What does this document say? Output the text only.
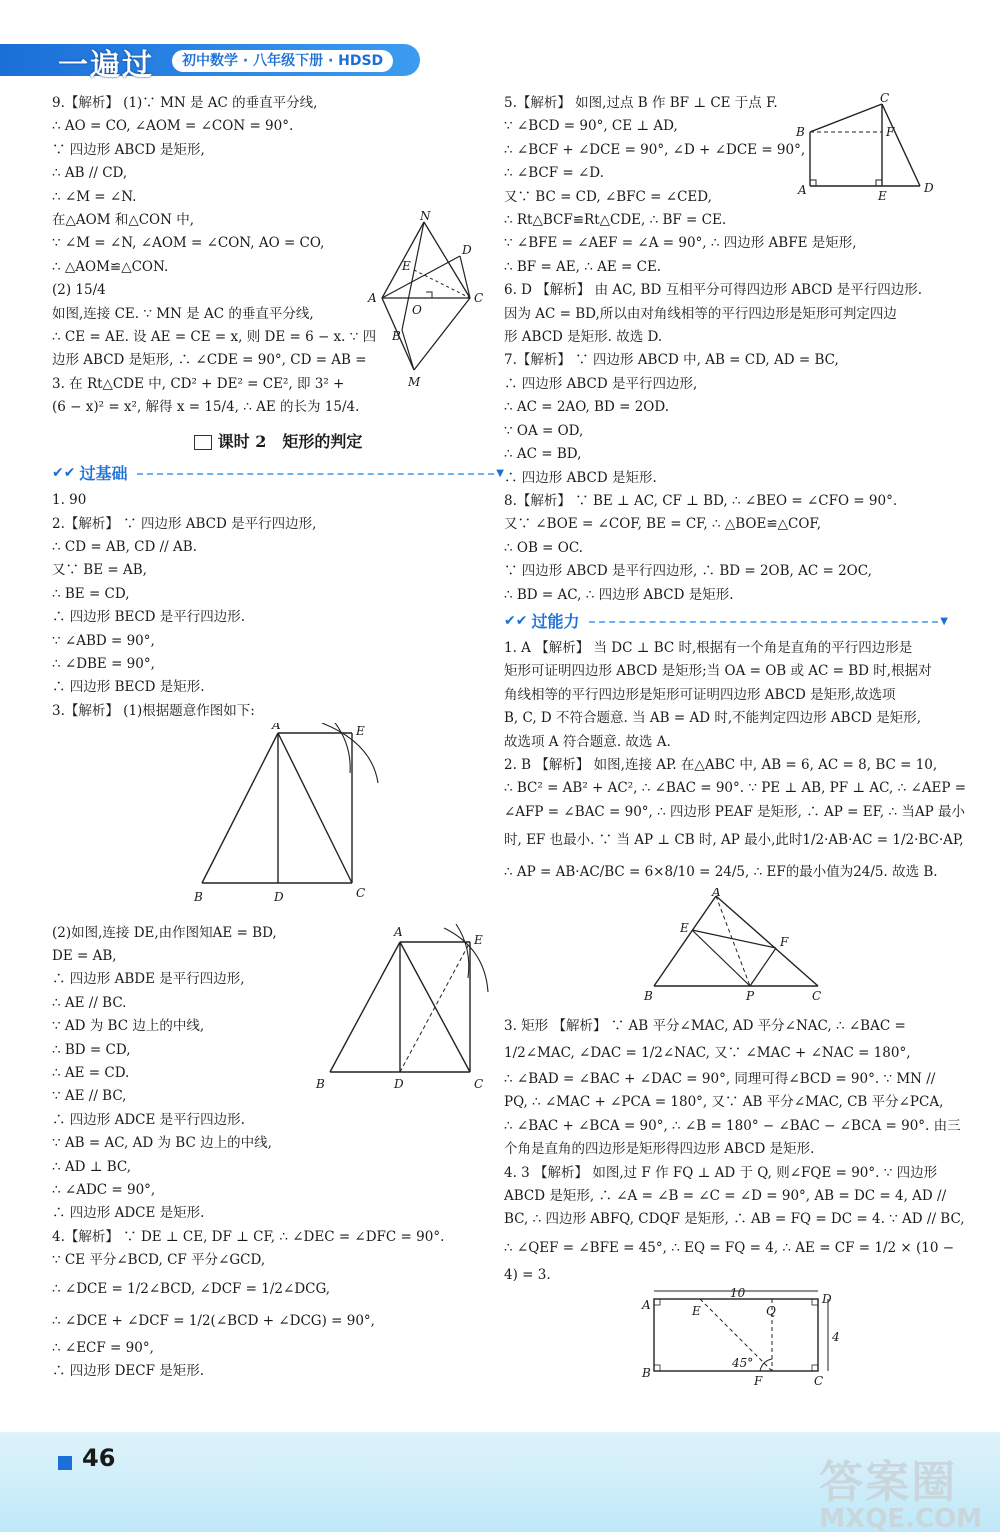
一遍过	初中数学 · 八年级下册 · HDSD
9.【解析】 (1)∵ MN 是 AC 的垂直平分线,
∴ AO = CO, ∠AOM = ∠CON = 90°.
∵ 四边形 ABCD 是矩形,
∴ AB // CD,
∴ ∠M = ∠N.
在△AOM 和△CON 中,
∵ ∠M = ∠N, ∠AOM = ∠CON, AO = CO,
∴ △AOM≌△CON.
(2) 15/4
如图,连接 CE. ∵ MN 是 AC 的垂直平分线,
∴ CE = AE. 设 AE = CE = x, 则 DE = 6 − x. ∵ 四
边形 ABCD 是矩形, ∴ ∠CDE = 90°, CD = AB =
3. 在 Rt△CDE 中, CD² + DE² = CE², 即 3² +
(6 − x)² = x², 解得 x = 15/4, ∴ AE 的长为 15/4.
N
E
D
A
O
C
B
M
课时 2　矩形的判定
✔✔ 过基础	▼
1. 90
2.【解析】 ∵ 四边形 ABCD 是平行四边形,
∴ CD = AB, CD // AB.
又∵ BE = AB,
∴ BE = CD,
∴ 四边形 BECD 是平行四边形.
∵ ∠ABD = 90°,
∴ ∠DBE = 90°,
∴ 四边形 BECD 是矩形.
3.【解析】 (1)根据题意作图如下:
A	E
B	D	C
(2)如图,连接 DE,由作图知AE = BD,
DE = AB,
∴ 四边形 ABDE 是平行四边形,
∴ AE // BC.
∵ AD 为 BC 边上的中线,
∴ BD = CD,
∴ AE = CD.
∵ AE // BC,
∴ 四边形 ADCE 是平行四边形.
∵ AB = AC, AD 为 BC 边上的中线,
∴ AD ⊥ BC,
∴ ∠ADC = 90°,
∴ 四边形 ADCE 是矩形.
A
E
B	D	C
4.【解析】 ∵ DE ⊥ CE, DF ⊥ CF, ∴ ∠DEC = ∠DFC = 90°.
∵ CE 平分∠BCD, CF 平分∠GCD,
∴ ∠DCE = 1/2∠BCD, ∠DCF = 1/2∠DCG,
∴ ∠DCE + ∠DCF = 1/2(∠BCD + ∠DCG) = 90°,
∴ ∠ECF = 90°,
∴ 四边形 DECF 是矩形.
5.【解析】 如图,过点 B 作 BF ⊥ CE 于点 F.
∵ ∠BCD = 90°, CE ⊥ AD,
∴ ∠BCF + ∠DCE = 90°, ∠D + ∠DCE = 90°,
∴ ∠BCF = ∠D.
又∵ BC = CD, ∠BFC = ∠CED,
∴ Rt△BCF≌Rt△CDE, ∴ BF = CE.
∵ ∠BFE = ∠AEF = ∠A = 90°, ∴ 四边形 ABFE 是矩形,
∴ BF = AE, ∴ AE = CE.
C
B	F
A	E
D
6. D 【解析】 由 AC, BD 互相平分可得四边形 ABCD 是平行四边形.
因为 AC = BD,所以由对角线相等的平行四边形是矩形可判定四边
形 ABCD 是矩形. 故选 D.
7.【解析】 ∵ 四边形 ABCD 中, AB = CD, AD = BC,
∴ 四边形 ABCD 是平行四边形,
∴ AC = 2AO, BD = 2OD.
∵ OA = OD,
∴ AC = BD,
∴ 四边形 ABCD 是矩形.
8.【解析】 ∵ BE ⊥ AC, CF ⊥ BD, ∴ ∠BEO = ∠CFO = 90°.
又∵ ∠BOE = ∠COF, BE = CF, ∴ △BOE≌△COF,
∴ OB = OC.
∵ 四边形 ABCD 是平行四边形, ∴ BD = 2OB, AC = 2OC,
∴ BD = AC, ∴ 四边形 ABCD 是矩形.
✔✔ 过能力	▼
1. A 【解析】 当 DC ⊥ BC 时,根据有一个角是直角的平行四边形是
矩形可证明四边形 ABCD 是矩形;当 OA = OB 或 AC = BD 时,根据对
角线相等的平行四边形是矩形可证明四边形 ABCD 是矩形,故选项
B, C, D 不符合题意. 当 AB = AD 时,不能判定四边形 ABCD 是矩形,
故选项 A 符合题意. 故选 A.
2. B 【解析】 如图,连接 AP. 在△ABC 中, AB = 6, AC = 8, BC = 10,
∴ BC² = AB² + AC², ∴ ∠BAC = 90°. ∵ PE ⊥ AB, PF ⊥ AC, ∴ ∠AEP =
∠AFP = ∠BAC = 90°, ∴ 四边形 PEAF 是矩形, ∴ AP = EF, ∴ 当AP 最小
时, EF 也最小. ∵ 当 AP ⊥ CB 时, AP 最小,此时1/2·AB·AC = 1/2·BC·AP,
∴ AP = AB·AC/BC = 6×8/10 = 24/5, ∴ EF的最小值为24/5. 故选 B.
A
E
F
B	P	C
3. 矩形 【解析】 ∵ AB 平分∠MAC, AD 平分∠NAC, ∴ ∠BAC =
1/2∠MAC, ∠DAC = 1/2∠NAC, 又∵ ∠MAC + ∠NAC = 180°,
∴ ∠BAD = ∠BAC + ∠DAC = 90°, 同理可得∠BCD = 90°. ∵ MN //
PQ, ∴ ∠MAC + ∠PCA = 180°, 又∵ AB 平分∠MAC, CB 平分∠PCA,
∴ ∠BAC + ∠BCA = 90°, ∴ ∠B = 180° − ∠BAC − ∠BCA = 90°. 由三
个角是直角的四边形是矩形得四边形 ABCD 是矩形.
4. 3 【解析】 如图,过 F 作 FQ ⊥ AD 于 Q, 则∠FQE = 90°. ∵ 四边形
ABCD 是矩形, ∴ ∠A = ∠B = ∠C = ∠D = 90°, AB = DC = 4, AD //
BC, ∴ 四边形 ABFQ, CDQF 是矩形, ∴ AB = FQ = DC = 4. ∵ AD // BC,
∴ ∠QEF = ∠BFE = 45°, ∴ EQ = FQ = 4, ∴ AE = CF = 1/2 × (10 −
4) = 3.
A	E	Q
D
B
F	C
10
4
45°
46	答案圈
MXQE.COM
